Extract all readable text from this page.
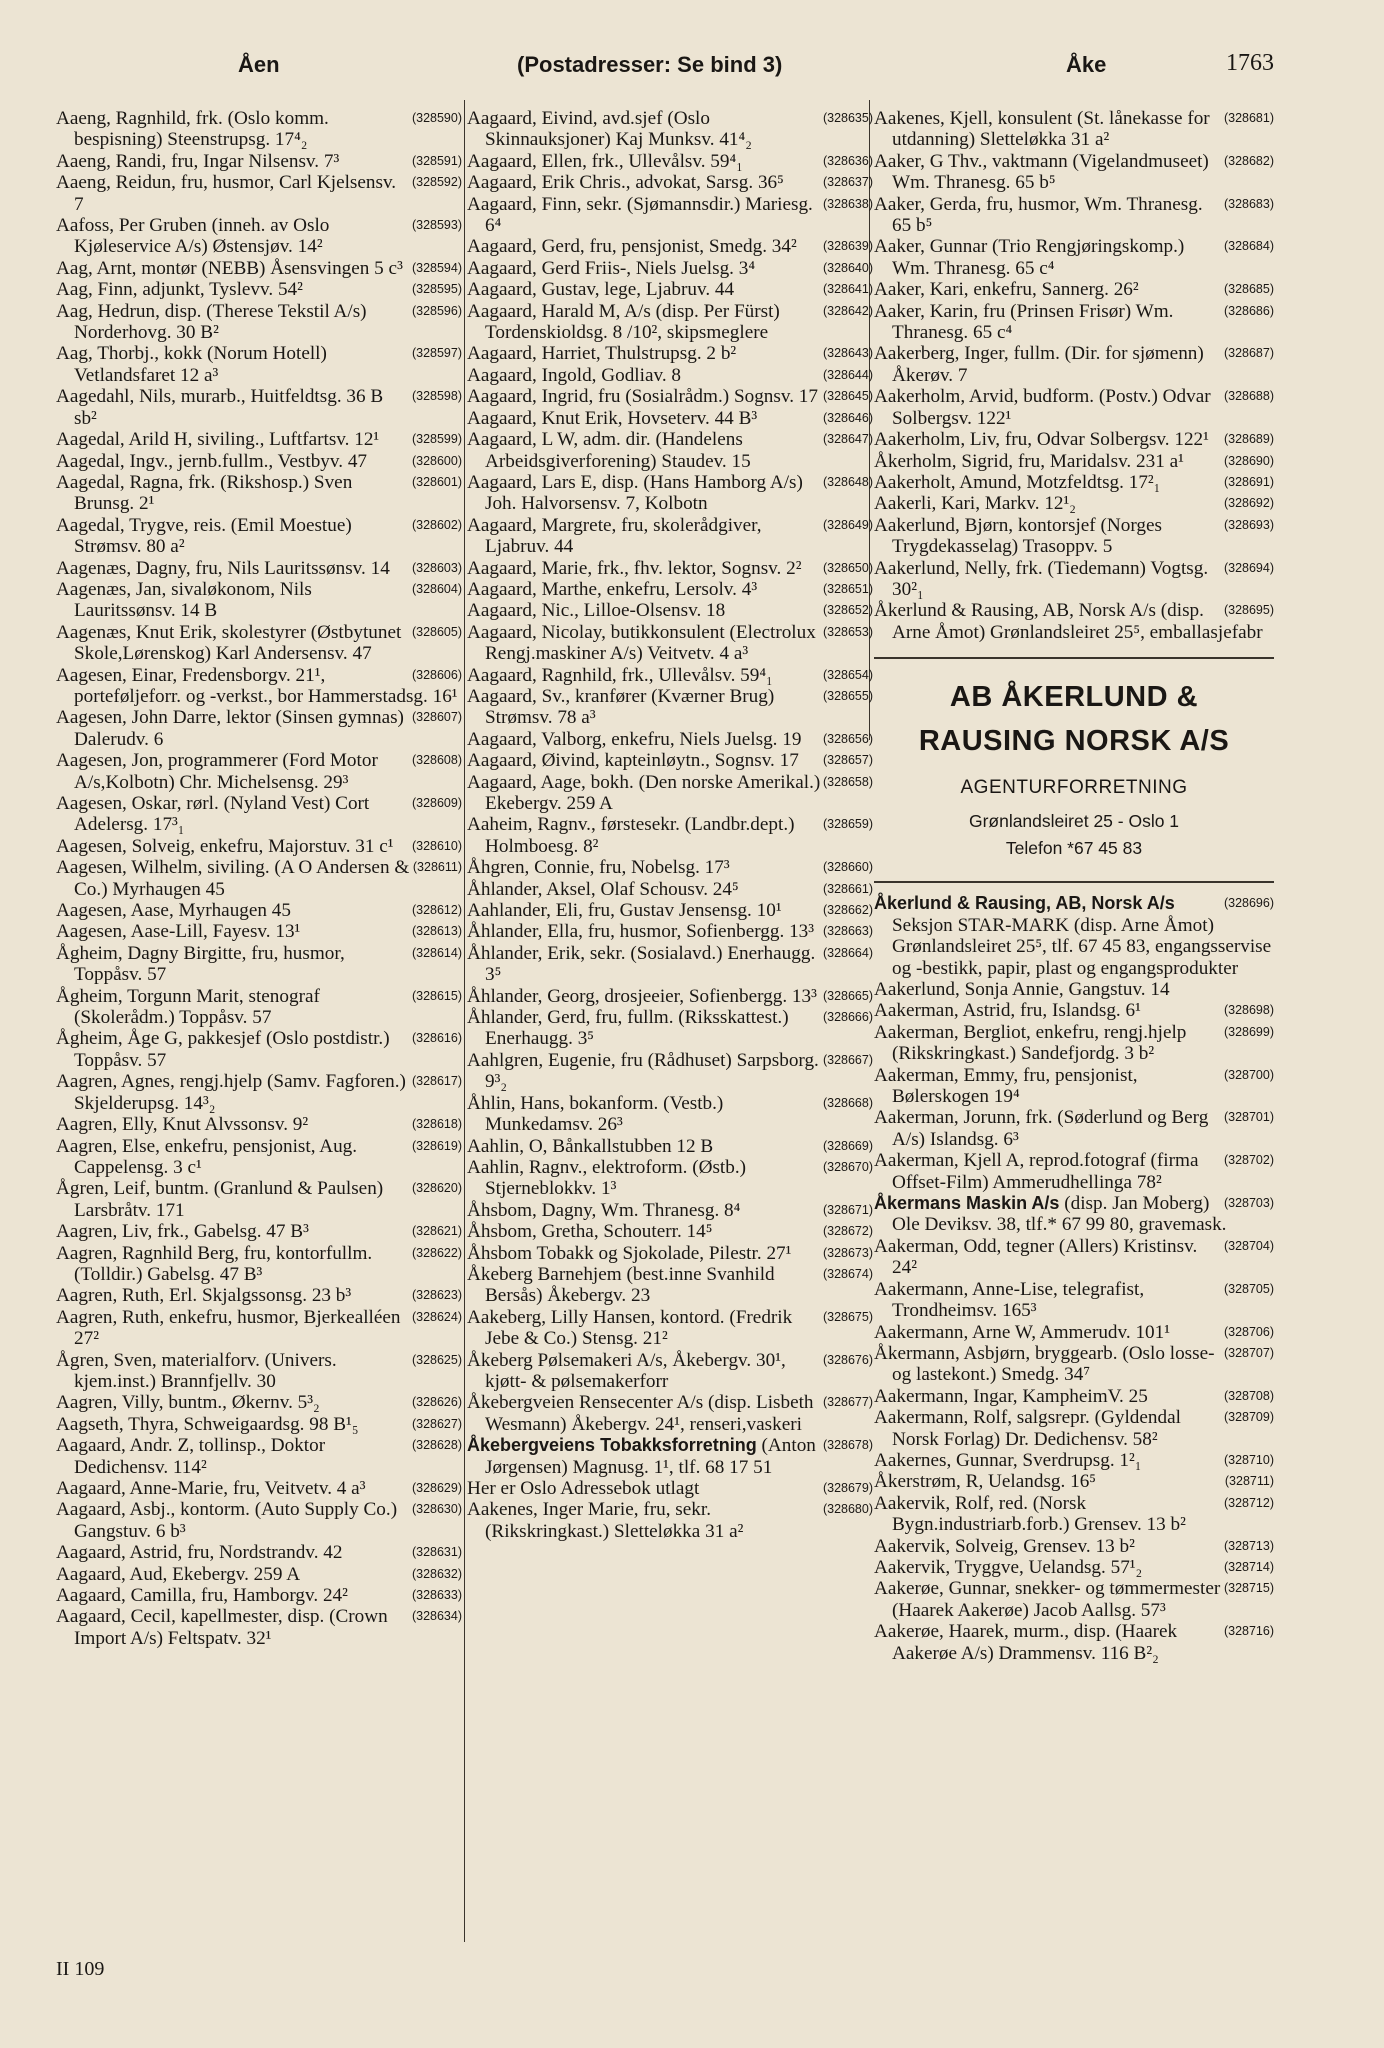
Åen	(Postadresser: Se bind 3)	Åke	1763

(328590)
Aaeng, Ragnhild, frk. (Oslo komm. bespisning) Steenstrupsg. 17⁴₂

(328591)
Aaeng, Randi, fru, Ingar Nilsensv. 7³

(328592)
Aaeng, Reidun, fru, husmor, Carl Kjelsensv. 7

(328593)
Aafoss, Per Gruben (inneh. av Oslo Kjøleservice A/s) Østensjøv. 14²

(328594)
Aag, Arnt, montør (NEBB) Åsensvingen 5 c³

(328595)
Aag, Finn, adjunkt, Tyslevv. 54²

(328596)
Aag, Hedrun, disp. (Therese Tekstil A/s) Norderhovg. 30 B²

(328597)
Aag, Thorbj., kokk (Norum Hotell) Vetlandsfaret 12 a³

(328598)
Aagedahl, Nils, murarb., Huitfeldtsg. 36 B sb²

(328599)
Aagedal, Arild H, siviling., Luftfartsv. 12¹

(328600)
Aagedal, Ingv., jernb.fullm., Vestbyv. 47

(328601)
Aagedal, Ragna, frk. (Rikshosp.) Sven Brunsg. 2¹

(328602)
Aagedal, Trygve, reis. (Emil Moestue) Strømsv. 80 a²

(328603)
Aagenæs, Dagny, fru, Nils Lauritssønsv. 14

(328604)
Aagenæs, Jan, sivaløkonom, Nils Lauritssønsv. 14 B

(328605)
Aagenæs, Knut Erik, skolestyrer (Østbytunet Skole,Lørenskog) Karl Andersensv. 47

(328606)
Aagesen, Einar, Fredensborgv. 21¹, porteføljeforr. og -verkst., bor Hammerstadsg. 16¹

(328607)
Aagesen, John Darre, lektor (Sinsen gymnas) Dalerudv. 6

(328608)
Aagesen, Jon, programmerer (Ford Motor A/s,Kolbotn) Chr. Michelsensg. 29³

(328609)
Aagesen, Oskar, rørl. (Nyland Vest) Cort Adelersg. 17³₁

(328610)
Aagesen, Solveig, enkefru, Majorstuv. 31 c¹

(328611)
Aagesen, Wilhelm, siviling. (A O Andersen & Co.) Myrhaugen 45

(328612)
Aagesen, Aase, Myrhaugen 45

(328613)
Aagesen, Aase-Lill, Fayesv. 13¹

(328614)
Ågheim, Dagny Birgitte, fru, husmor, Toppåsv. 57

(328615)
Ågheim, Torgunn Marit, stenograf (Skolerådm.) Toppåsv. 57

(328616)
Ågheim, Åge G, pakkesjef (Oslo postdistr.) Toppåsv. 57

(328617)
Aagren, Agnes, rengj.hjelp (Samv. Fagforen.) Skjelderupsg. 14³₂

(328618)
Aagren, Elly, Knut Alvssonsv. 9²

(328619)
Aagren, Else, enkefru, pensjonist, Aug. Cappelensg. 3 c¹

(328620)
Ågren, Leif, buntm. (Granlund & Paulsen) Larsbråtv. 171

(328621)
Aagren, Liv, frk., Gabelsg. 47 B³

(328622)
Aagren, Ragnhild Berg, fru, kontorfullm. (Tolldir.) Gabelsg. 47 B³

(328623)
Aagren, Ruth, Erl. Skjalgssonsg. 23 b³

(328624)
Aagren, Ruth, enkefru, husmor, Bjerkealléen 27²

(328625)
Ågren, Sven, materialforv. (Univers. kjem.inst.) Brannfjellv. 30

(328626)
Aagren, Villy, buntm., Økernv. 5³₂

(328627)
Aagseth, Thyra, Schweigaardsg. 98 B¹₅

(328628)
Aagaard, Andr. Z, tollinsp., Doktor Dedichensv. 114²

(328629)
Aagaard, Anne-Marie, fru, Veitvetv. 4 a³

(328630)
Aagaard, Asbj., kontorm. (Auto Supply Co.) Gangstuv. 6 b³

(328631)
Aagaard, Astrid, fru, Nordstrandv. 42

(328632)
Aagaard, Aud, Ekebergv. 259 A

(328633)
Aagaard, Camilla, fru, Hamborgv. 24²

(328634)
Aagaard, Cecil, kapellmester, disp. (Crown Import A/s) Feltspatv. 32¹

(328635)
Aagaard, Eivind, avd.sjef (Oslo Skinnauksjoner) Kaj Munksv. 41⁴₂

(328636)
Aagaard, Ellen, frk., Ullevålsv. 59⁴₁

(328637)
Aagaard, Erik Chris., advokat, Sarsg. 36⁵

(328638)
Aagaard, Finn, sekr. (Sjømannsdir.) Mariesg. 6⁴

(328639)
Aagaard, Gerd, fru, pensjonist, Smedg. 34²

(328640)
Aagaard, Gerd Friis-, Niels Juelsg. 3⁴

(328641)
Aagaard, Gustav, lege, Ljabruv. 44

(328642)
Aagaard, Harald M, A/s (disp. Per Fürst) Tordenskioldsg. 8 /10², skipsmeglere

(328643)
Aagaard, Harriet, Thulstrupsg. 2 b²

(328644)
Aagaard, Ingold, Godliav. 8

(328645)
Aagaard, Ingrid, fru (Sosialrådm.) Sognsv. 17

(328646)
Aagaard, Knut Erik, Hovseterv. 44 B³

(328647)
Aagaard, L W, adm. dir. (Handelens Arbeidsgiverforening) Staudev. 15

(328648)
Aagaard, Lars E, disp. (Hans Hamborg A/s) Joh. Halvorsensv. 7, Kolbotn

(328649)
Aagaard, Margrete, fru, skolerådgiver, Ljabruv. 44

(328650)
Aagaard, Marie, frk., fhv. lektor, Sognsv. 2²

(328651)
Aagaard, Marthe, enkefru, Lersolv. 4³

(328652)
Aagaard, Nic., Lilloe-Olsensv. 18

(328653)
Aagaard, Nicolay, butikkonsulent (Electrolux Rengj.maskiner A/s) Veitvetv. 4 a³

(328654)
Aagaard, Ragnhild, frk., Ullevålsv. 59⁴₁

(328655)
Aagaard, Sv., kranfører (Kværner Brug) Strømsv. 78 a³

(328656)
Aagaard, Valborg, enkefru, Niels Juelsg. 19

(328657)
Aagaard, Øivind, kapteinløytn., Sognsv. 17

(328658)
Aagaard, Aage, bokh. (Den norske Amerikal.) Ekebergv. 259 A

(328659)
Aaheim, Ragnv., førstesekr. (Landbr.dept.) Holmboesg. 8²

(328660)
Åhgren, Connie, fru, Nobelsg. 17³

(328661)
Åhlander, Aksel, Olaf Schousv. 24⁵

(328662)
Aahlander, Eli, fru, Gustav Jensensg. 10¹

(328663)
Åhlander, Ella, fru, husmor, Sofienbergg. 13³

(328664)
Åhlander, Erik, sekr. (Sosialavd.) Enerhaugg. 3⁵

(328665)
Åhlander, Georg, drosjeeier, Sofienbergg. 13³

(328666)
Åhlander, Gerd, fru, fullm. (Riksskattest.) Enerhaugg. 3⁵

(328667)
Aahlgren, Eugenie, fru (Rådhuset) Sarpsborg. 9³₂

(328668)
Åhlin, Hans, bokanform. (Vestb.) Munkedamsv. 26³

(328669)
Aahlin, O, Bånkallstubben 12 B

(328670)
Aahlin, Ragnv., elektroform. (Østb.) Stjerneblokkv. 1³

(328671)
Åhsbom, Dagny, Wm. Thranesg. 8⁴

(328672)
Åhsbom, Gretha, Schouterr. 14⁵

(328673)
Åhsbom Tobakk og Sjokolade, Pilestr. 27¹

(328674)
Åkeberg Barnehjem (best.inne Svanhild Bersås) Åkebergv. 23

(328675)
Aakeberg, Lilly Hansen, kontord. (Fredrik Jebe & Co.) Stensg. 21²

(328676)
Åkeberg Pølsemakeri A/s, Åkebergv. 30¹, kjøtt- & pølsemakerforr

(328677)
Åkebergveien Rensecenter A/s (disp. Lisbeth Wesmann) Åkebergv. 24¹, renseri,vaskeri

(328678)
Åkebergveiens Tobakksforretning (Anton Jørgensen) Magnusg. 1¹, tlf. 68 17 51

(328679)
Her er Oslo Adressebok utlagt

(328680)
Aakenes, Inger Marie, fru, sekr. (Rikskringkast.) Sletteløkka 31 a²

(328681)
Aakenes, Kjell, konsulent (St. lånekasse for utdanning) Sletteløkka 31 a²

(328682)
Aaker, G Thv., vaktmann (Vigelandmuseet) Wm. Thranesg. 65 b⁵

(328683)
Aaker, Gerda, fru, husmor, Wm. Thranesg. 65 b⁵

(328684)
Aaker, Gunnar (Trio Rengjøringskomp.) Wm. Thranesg. 65 c⁴

(328685)
Aaker, Kari, enkefru, Sannerg. 26²

(328686)
Aaker, Karin, fru (Prinsen Frisør) Wm. Thranesg. 65 c⁴

(328687)
Aakerberg, Inger, fullm. (Dir. for sjømenn) Åkerøv. 7

(328688)
Aakerholm, Arvid, budform. (Postv.) Odvar Solbergsv. 122¹

(328689)
Aakerholm, Liv, fru, Odvar Solbergsv. 122¹

(328690)
Åkerholm, Sigrid, fru, Maridalsv. 231 a¹

(328691)
Aakerholt, Amund, Motzfeldtsg. 17²₁

(328692)
Aakerli, Kari, Markv. 12¹₂

(328693)
Aakerlund, Bjørn, kontorsjef (Norges Trygdekasselag) Trasoppv. 5

(328694)
Aakerlund, Nelly, frk. (Tiedemann) Vogtsg. 30²₁

(328695)
Åkerlund & Rausing, AB, Norsk A/s (disp. Arne Åmot) Grønlandsleiret 25⁵, emballasjefabr

AB ÅKERLUND &
RAUSING NORSK A/S
AGENTURFORRETNING
Grønlandsleiret 25 - Oslo 1
Telefon *67 45 83

(328696)
Åkerlund & Rausing, AB, Norsk A/s Seksjon STAR-MARK (disp. Arne Åmot) Grønlandsleiret 25⁵, tlf. 67 45 83, engangsservise og -bestikk, papir, plast og engangsprodukter

Aakerlund, Sonja Annie, Gangstuv. 14

(328698)
Aakerman, Astrid, fru, Islandsg. 6¹

(328699)
Aakerman, Bergliot, enkefru, rengj.hjelp (Rikskringkast.) Sandefjordg. 3 b²

(328700)
Aakerman, Emmy, fru, pensjonist, Bølerskogen 19⁴

(328701)
Aakerman, Jorunn, frk. (Søderlund og Berg A/s) Islandsg. 6³

(328702)
Aakerman, Kjell A, reprod.fotograf (firma Offset-Film) Ammerudhellinga 78²

(328703)
Åkermans Maskin A/s (disp. Jan Moberg) Ole Deviksv. 38, tlf.* 67 99 80, gravemask.

(328704)
Aakerman, Odd, tegner (Allers) Kristinsv. 24²

(328705)
Aakermann, Anne-Lise, telegrafist, Trondheimsv. 165³

(328706)
Aakermann, Arne W, Ammerudv. 101¹

(328707)
Åkermann, Asbjørn, bryggearb. (Oslo losse- og lastekont.) Smedg. 34⁷

(328708)
Aakermann, Ingar, KampheimV. 25

(328709)
Aakermann, Rolf, salgsrepr. (Gyldendal Norsk Forlag) Dr. Dedichensv. 58²

(328710)
Aakernes, Gunnar, Sverdrupsg. 1²₁

(328711)
Åkerstrøm, R, Uelandsg. 16⁵

(328712)
Aakervik, Rolf, red. (Norsk Bygn.industriarb.forb.) Grensev. 13 b²

(328713)
Aakervik, Solveig, Grensev. 13 b²

(328714)
Aakervik, Tryggve, Uelandsg. 57¹₂

(328715)
Aakerøe, Gunnar, snekker- og tømmermester (Haarek Aakerøe) Jacob Aallsg. 57³

(328716)
Aakerøe, Haarek, murm., disp. (Haarek Aakerøe A/s) Drammensv. 116 B²₂

II 109
